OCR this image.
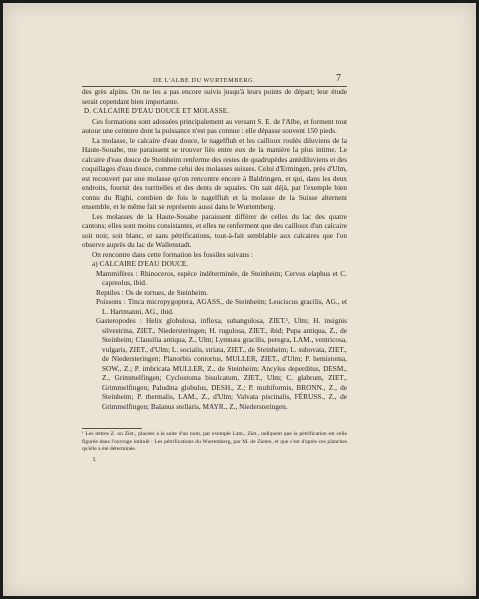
DE L'ALBE DU WURTEMBERG.	7

des grès alpins. On ne les a pas encore suivis jusqu'à leurs points de départ; leur étude serait cependant bien importante.

D. CALCAIRE D'EAU DOUCE ET MOLASSE.

Ces formations sont adossées principalement au versant S. E. de l'Albe, et forment tout autour une ceinture dont la puissance n'est pas connue : elle dépasse souvent 150 pieds.

La molasse, le calcaire d'eau douce, le nagelfluh et les cailloux roulés diluviens de la Haute-Souabe, me paraissent se trouver liés entre eux de la manière la plus intime. Le calcaire d'eau douce de Steinheim renferme des restes de quadrupèdes antédiluviens et des coquillages d'eau douce, comme celui des molasses suisses. Celui d'Ermingen, près d'Ulm, est recouvert par une molasse qu'on rencontre encore à Baldringen, et qui, dans les deux endroits, fournit des turritelles et des dents de squales. On sait déjà, par l'exemple bien connu du Righi, combien de fois le nagelfluh et la molasse de la Suisse alternent ensemble, et le même fait se représente aussi dans le Wurtemberg.

Les molasses de la Haute-Souabe paraissent différer de celles du lac des quatre cantons; elles sont moins consistantes, et elles ne renferment que des cailloux d'un calcaire soit noir, soit blanc, et sans pétrifications, tout-à-fait semblable aux calcaires que l'on observe auprès du lac de Wallenstadt.

On rencontre dans cette formation les fossiles suivans :

a) CALCAIRE D'EAU DOUCE.

Mammifères : Rhinoceros, espèce indéterminée, de Steinheim; Cervus elaphus et C. capreolus, ibid.

Reptiles : Os de tortues, de Steinheim.

Poissons : Tinca micropygoptera, AGASS., de Steinheim; Leuciscus gracilis, AG., et L. Hartmanni, AG., ibid.

Gasteropodes : Helix globulosa, inflexa, subangulosa, ZIET.¹, Ulm; H. insignis silvestrina, ZIET., Niedersteringen; H. rugulosa, ZIET., ibid; Pupa antiqua, Z., de Steinheim; Clausilia antiqua, Z., Ulm; Lymnæa gracilis, peregra, LAM., ventricosa, vulgaris, ZIET., d'Ulm; L. socialis, striata, ZIET., de Steinheim; L. subovata, ZIET., de Niedersteringen; Planorbis contortus, MULLER, ZIET., d'Ulm; P. hemistoma, SOW., Z.; P. imbricata MULLER, Z., de Steinheim; Ancylus deperditus, DESM., Z., Grimmelfingen; Cyclostoma bisulcatum, ZIET., Ulm; C. glabrum, ZIET., Grimmelfingen; Paludina globulus, DESH., Z.; P. multiformis, BRONN., Z., de Steinheim; P. thermalis, LAM., Z., d'Ulm; Valvata piscinalis, FÉRUSS., Z., de Grimmelfingen; Balanus stellaris, MAYR., Z., Niedersteringen.

¹ Les lettres Z. ou Ziet., placées à la suite d'un nom, par exemple Lam., Ziet., indiquent que la pétrification est celle figurée dans l'ouvrage intitulé : Les pétrifications du Wurtemberg, par M. de Zieten, et que c'est d'après ces planches qu'elle a été déterminée.
I.
